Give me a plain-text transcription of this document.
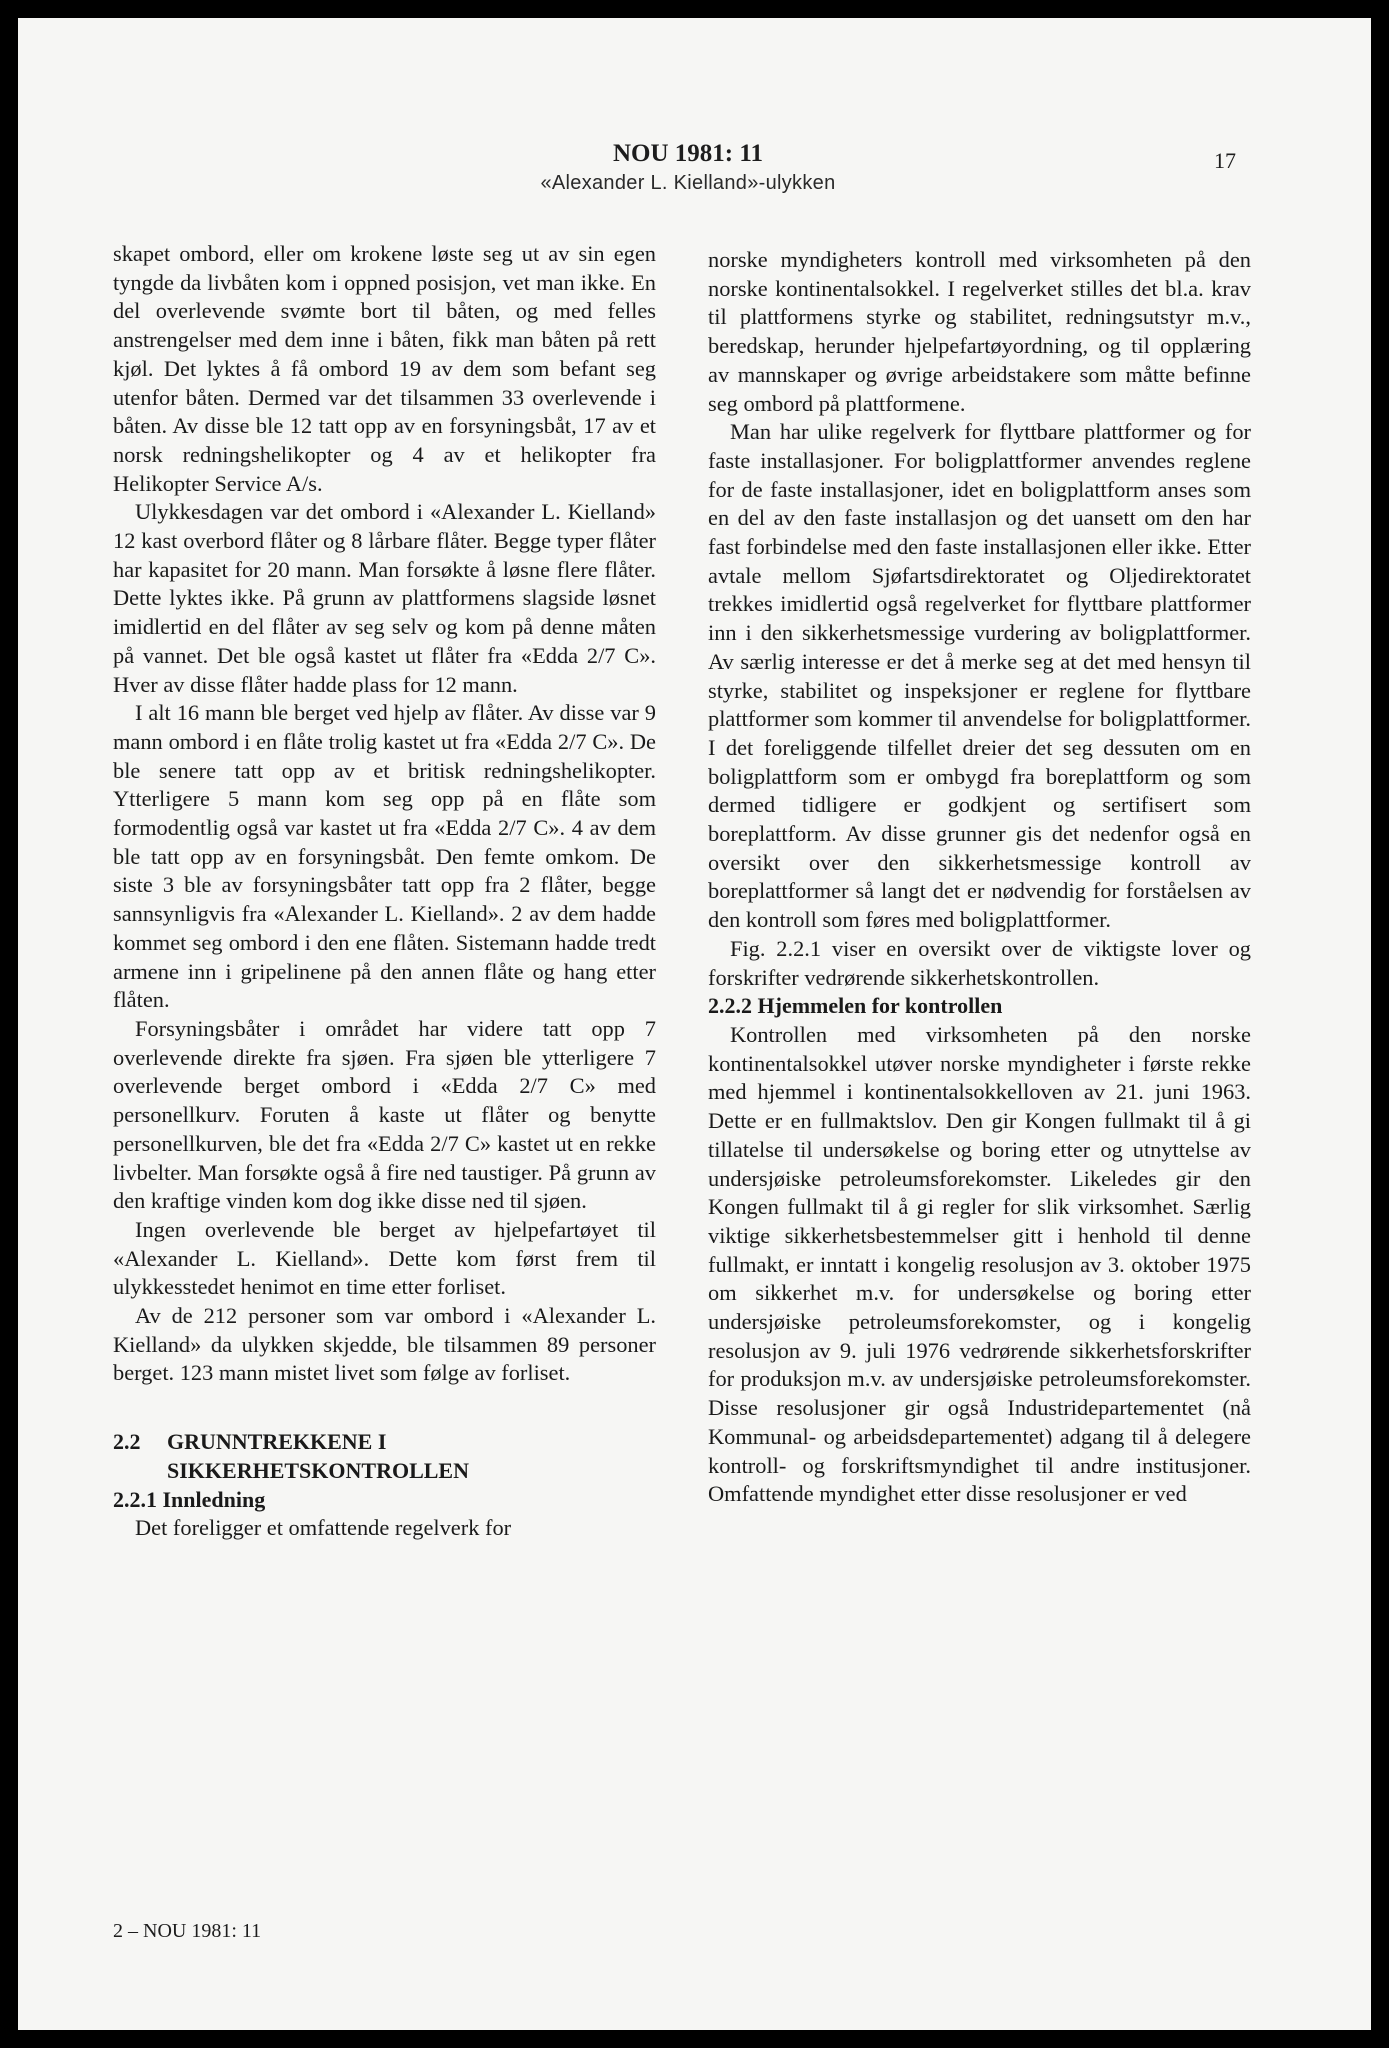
NOU 1981: 11
«Alexander L. Kielland»-ulykken
17

skapet ombord, eller om krokene løste seg ut av sin egen tyngde da livbåten kom i oppned posisjon, vet man ikke. En del overlevende svømte bort til båten, og med felles anstrengelser med dem inne i båten, fikk man båten på rett kjøl. Det lyktes å få ombord 19 av dem som befant seg utenfor båten. Dermed var det tilsammen 33 overlevende i båten. Av disse ble 12 tatt opp av en forsyningsbåt, 17 av et norsk redningshelikopter og 4 av et helikopter fra Helikopter Service A/s.

Ulykkesdagen var det ombord i «Alexander L. Kielland» 12 kast overbord flåter og 8 lårbare flåter. Begge typer flåter har kapasitet for 20 mann. Man forsøkte å løsne flere flåter. Dette lyktes ikke. På grunn av plattformens slagside løsnet imidlertid en del flåter av seg selv og kom på denne måten på vannet. Det ble også kastet ut flåter fra «Edda 2/7 C». Hver av disse flåter hadde plass for 12 mann.

I alt 16 mann ble berget ved hjelp av flåter. Av disse var 9 mann ombord i en flåte trolig kastet ut fra «Edda 2/7 C». De ble senere tatt opp av et britisk redningshelikopter. Ytterligere 5 mann kom seg opp på en flåte som formodentlig også var kastet ut fra «Edda 2/7 C». 4 av dem ble tatt opp av en forsyningsbåt. Den femte omkom. De siste 3 ble av forsyningsbåter tatt opp fra 2 flåter, begge sannsynligvis fra «Alexander L. Kielland». 2 av dem hadde kommet seg ombord i den ene flåten. Sistemann hadde tredt armene inn i gripelinene på den annen flåte og hang etter flåten.

Forsyningsbåter i området har videre tatt opp 7 overlevende direkte fra sjøen. Fra sjøen ble ytterligere 7 overlevende berget ombord i «Edda 2/7 C» med personellkurv. Foruten å kaste ut flåter og benytte personellkurven, ble det fra «Edda 2/7 C» kastet ut en rekke livbelter. Man forsøkte også å fire ned taustiger. På grunn av den kraftige vinden kom dog ikke disse ned til sjøen.

Ingen overlevende ble berget av hjelpefartøyet til «Alexander L. Kielland». Dette kom først frem til ulykkesstedet henimot en time etter forliset.

Av de 212 personer som var ombord i «Alexander L. Kielland» da ulykken skjedde, ble tilsammen 89 personer berget. 123 mann mistet livet som følge av forliset.

2.2	GRUNNTREKKENE I SIKKERHETSKONTROLLEN

2.2.1 Innledning

Det foreligger et omfattende regelverk for

norske myndigheters kontroll med virksomheten på den norske kontinentalsokkel. I regelverket stilles det bl.a. krav til plattformens styrke og stabilitet, redningsutstyr m.v., beredskap, herunder hjelpefartøyordning, og til opplæring av mannskaper og øvrige arbeidstakere som måtte befinne seg ombord på plattformene.

Man har ulike regelverk for flyttbare plattformer og for faste installasjoner. For boligplattformer anvendes reglene for de faste installasjoner, idet en boligplattform anses som en del av den faste installasjon og det uansett om den har fast forbindelse med den faste installasjonen eller ikke. Etter avtale mellom Sjøfartsdirektoratet og Oljedirektoratet trekkes imidlertid også regelverket for flyttbare plattformer inn i den sikkerhetsmessige vurdering av boligplattformer. Av særlig interesse er det å merke seg at det med hensyn til styrke, stabilitet og inspeksjoner er reglene for flyttbare plattformer som kommer til anvendelse for boligplattformer. I det foreliggende tilfellet dreier det seg dessuten om en boligplattform som er ombygd fra boreplattform og som dermed tidligere er godkjent og sertifisert som boreplattform. Av disse grunner gis det nedenfor også en oversikt over den sikkerhetsmessige kontroll av boreplattformer så langt det er nødvendig for forståelsen av den kontroll som føres med boligplattformer.

Fig. 2.2.1 viser en oversikt over de viktigste lover og forskrifter vedrørende sikkerhetskontrollen.

2.2.2 Hjemmelen for kontrollen

Kontrollen med virksomheten på den norske kontinentalsokkel utøver norske myndigheter i første rekke med hjemmel i kontinentalsokkelloven av 21. juni 1963. Dette er en fullmaktslov. Den gir Kongen fullmakt til å gi tillatelse til undersøkelse og boring etter og utnyttelse av undersjøiske petroleumsforekomster. Likeledes gir den Kongen fullmakt til å gi regler for slik virksomhet. Særlig viktige sikkerhetsbestemmelser gitt i henhold til denne fullmakt, er inntatt i kongelig resolusjon av 3. oktober 1975 om sikkerhet m.v. for undersøkelse og boring etter undersjøiske petroleumsforekomster, og i kongelig resolusjon av 9. juli 1976 vedrørende sikkerhetsforskrifter for produksjon m.v. av undersjøiske petroleumsforekomster. Disse resolusjoner gir også Industridepartementet (nå Kommunal- og arbeidsdepartementet) adgang til å delegere kontroll- og forskriftsmyndighet til andre institusjoner. Omfattende myndighet etter disse resolusjoner er ved

2 – NOU 1981: 11
